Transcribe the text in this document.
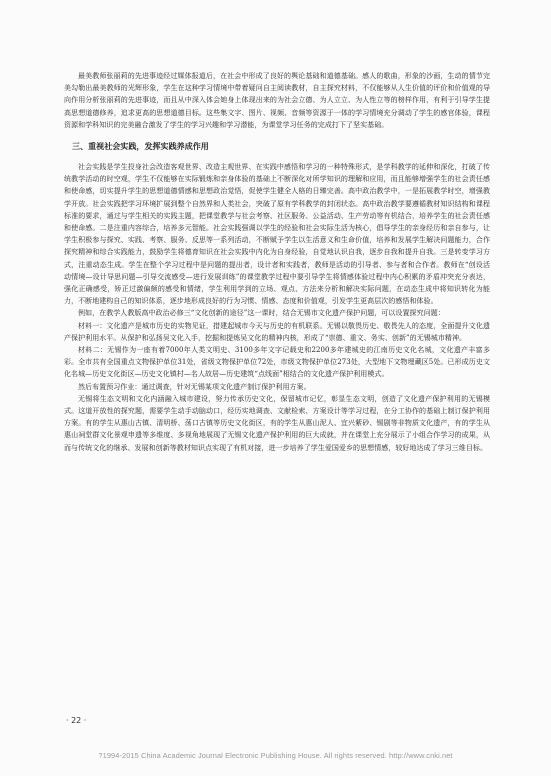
最美教师张丽莉的先进事迹经过媒体报道后，在社会中形成了良好的舆论基础和道德基础。感人的歌曲，形象的沙画，生动的情节完美勾勒出最美教师的光辉形象，学生在这种学习情境中带着疑问自主阅读教材，自主探究材料，不仅能够从人生价值的评价和价值观的导向作用分析张丽莉的先进事迹，而且从中深入体会她身上体现出来的为社会立德、为人立立、为人性立等的榜样作用，有利于引导学生提高思想道德修养，追求更高的思想道德目标。这些集文字、图片、视频、音频等资源于一体的学习情境充分调动了学生的感官体验，课程资源和学科知识的完美融合激发了学生的学习兴趣和学习潜能，为课堂学习任务的完成打下了坚实基础。

三、重视社会实践，发挥实践养成作用

社会实践是学生投身社会改造客观世界、改造主观世界、在实践中感悟和学习的一种特殊形式，是学科教学的延伸和深化，打破了传统教学活动的时空观，学生不仅能够在实际锻炼和亲身体验的基础上不断深化对所学知识的理解和应用，而且能够增强学生的社会责任感和使命感，切实提升学生的思想道德情感和思想政治觉悟，促使学生健全人格的日臻完善。高中政治教学中，一是拓展教学时空，增强教学开放。社会实践把学习环境扩展到整个自然界和人类社会，突破了原有学科教学的封闭状态。高中政治教学要遵循教材知识结构和课程标准的要求，通过与学生相关的实践主题，把课堂教学与社会考察、社区服务、公益活动、生产劳动等有机结合，培养学生的社会责任感和使命感。二是注重内容综合，培养多元智能。社会实践强调以学生的经验和社会实际生活为核心，倡导学生的亲身经历和亲自参与，让学生积极参与探究、实践、考察、服务、反思等一系列活动，不断赋予学生以生活意义和生命价值，培养和发展学生解决问题能力，合作探究精神和综合实践能力，鼓励学生将德育知识在社会实践中内化为自身经验，自觉地认识自我，逐步自我和提升自我。三是转变学习方式，注重动态生成。学生在整个学习过程中是问题的提出者，设计者和实践者，教师是活动的引导者、参与者和合作者。教师在“创设活动情境—设计导思问题—引导交流感受—进行发展训练”的课堂教学过程中要引导学生将情感体验过程中内心积累的矛盾冲突充分表达，强化正确感受，矫正过激偏颇的感受和情绪，学生利用学到的立场、观点、方法来分析和解决实际问题，在动态生成中将知识转化为能力，不断地建构自己的知识体系，逐步地形成良好的行为习惯、情感、态度和价值观，引发学生更高层次的感悟和体验。

例如，在教学人教版高中政治必修三“文化创新的途径”这一课时，结合无锡市文化遗产保护问题，可以设置探究问题：

材料一：文化遗产是城市历史的实物见证，措建起城市今天与历史的有机联系。无锡以敬畏历史、敬畏先人的态度，全面提升文化遗产保护利用水平。从保护和弘扬吴文化入手，挖掘和提炼吴文化的精神内核，形成了“崇德、重文、务实、创新”的无锡城市精神。

材料二：无锡作为一座有着7000年人类文明史、3100多年文字记载史和2200多年建城史的江南历史文化名城，文化遗产丰富多彩。全市共有全国重点文物保护单位31处，省级文物保护单位72处，市级文物保护单位273处，大型地下文物埋藏区5处。已形成历史文化名城—历史文化街区—历史文化镇村—名人故居—历史建筑“点线面”相结合的文化遗产保护利用模式。

然后布置预习作业：通过调查，针对无锡某项文化遗产制订保护利用方案。

无锡将生态文明和文化内涵融入城市建设，努力传承历史文化，保留城市记忆，彰显生态文明，创造了文化遗产保护利用的无锡模式。这道开放性的探究题，需要学生动手动脑动口，经历实地调查、文献检索、方案设计等学习过程，在分工协作的基础上制订保护利用方案。有的学生从惠山古镇、清明桥、荡口古镇等历史文化街区，有的学生从惠山泥人、宜兴紫砂、锡剧等非物质文化遗产，有的学生从惠山祠堂群文化景观申遗等多维度、多视角地展现了无锡文化遗产保护利用的巨大成就，并在课堂上充分展示了小组合作学习的成果，从而与传统文化的继承、发展和创新等教材知识点实现了有机对接，进一步培养了学生爱国爱乡的思想情感，较好地达成了学习三维目标。

· 22 ·
?1994-2015 China Academic Journal Electronic Publishing House. All rights reserved. http://www.cnki.net
